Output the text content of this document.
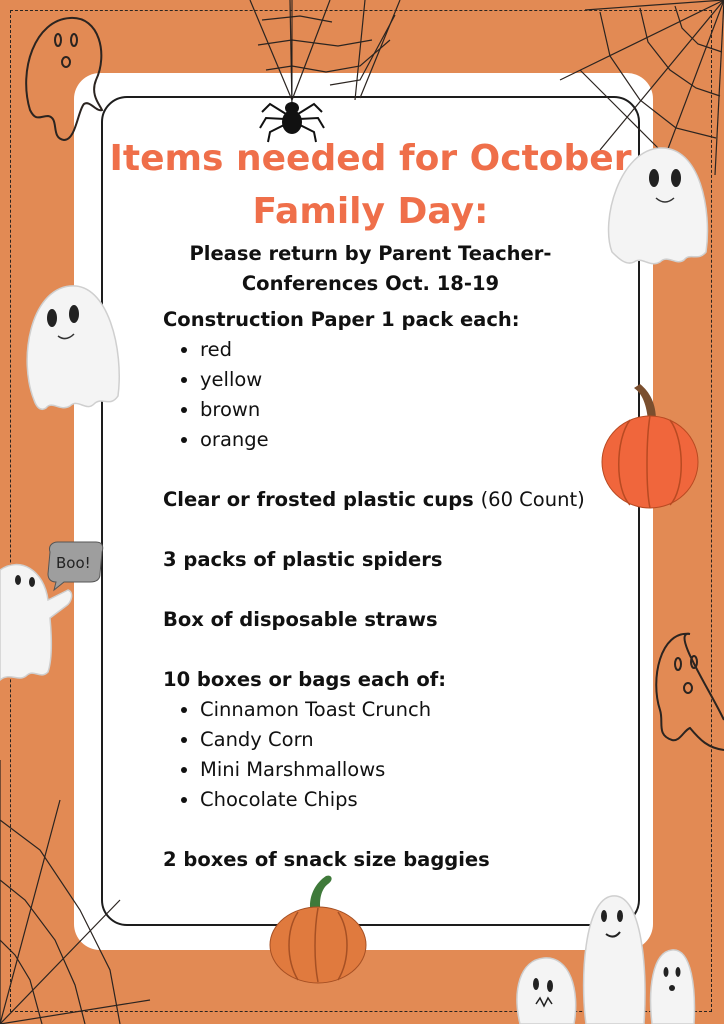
Boo!
Items needed for October
Family Day:

Please return by Parent Teacher-
Conferences Oct. 18-19

Construction Paper 1 pack each:

• red
• yellow
• brown
• orange

Clear or frosted plastic cups (60 Count)

3 packs of plastic spiders

Box of disposable straws

10 boxes or bags each of:

• Cinnamon Toast Crunch
• Candy Corn
• Mini Marshmallows
• Chocolate Chips

2 boxes of snack size baggies
